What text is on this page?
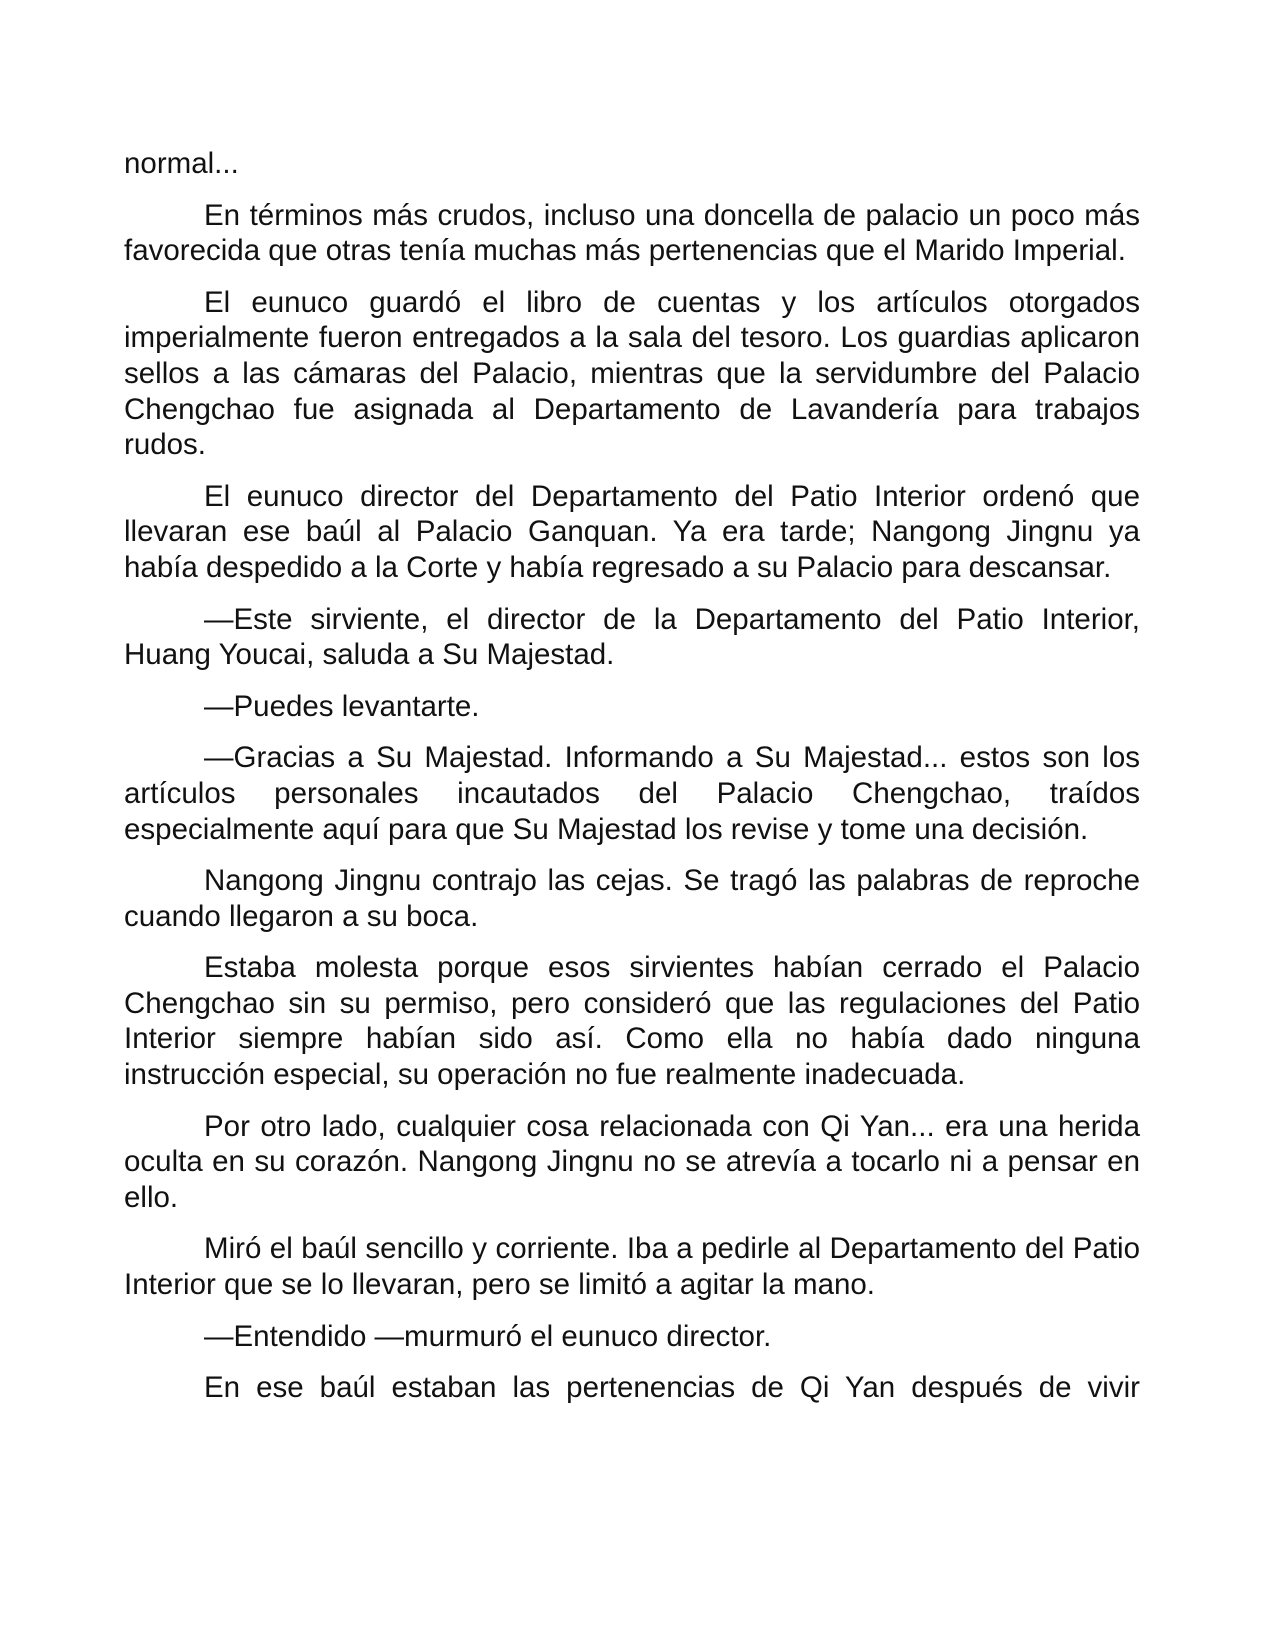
normal...

En términos más crudos, incluso una doncella de palacio un poco más favorecida que otras tenía muchas más pertenencias que el Marido Imperial.

El eunuco guardó el libro de cuentas y los artículos otorgados imperialmente fueron entregados a la sala del tesoro. Los guardias aplicaron sellos a las cámaras del Palacio, mientras que la servidumbre del Palacio Chengchao fue asignada al Departamento de Lavandería para trabajos rudos.

El eunuco director del Departamento del Patio Interior ordenó que llevaran ese baúl al Palacio Ganquan. Ya era tarde; Nangong Jingnu ya había despedido a la Corte y había regresado a su Palacio para descansar.

—Este sirviente, el director de la Departamento del Patio Interior, Huang Youcai, saluda a Su Majestad.

—Puedes levantarte.

—Gracias a Su Majestad. Informando a Su Majestad... estos son los artículos personales incautados del Palacio Chengchao, traídos especialmente aquí para que Su Majestad los revise y tome una decisión.

Nangong Jingnu contrajo las cejas. Se tragó las palabras de reproche cuando llegaron a su boca.

Estaba molesta porque esos sirvientes habían cerrado el Palacio Chengchao sin su permiso, pero consideró que las regulaciones del Patio Interior siempre habían sido así. Como ella no había dado ninguna instrucción especial, su operación no fue realmente inadecuada.

Por otro lado, cualquier cosa relacionada con Qi Yan... era una herida oculta en su corazón. Nangong Jingnu no se atrevía a tocarlo ni a pensar en ello.

Miró el baúl sencillo y corriente. Iba a pedirle al Departamento del Patio Interior que se lo llevaran, pero se limitó a agitar la mano.

—Entendido —murmuró el eunuco director.

En ese baúl estaban las pertenencias de Qi Yan después de vivir
